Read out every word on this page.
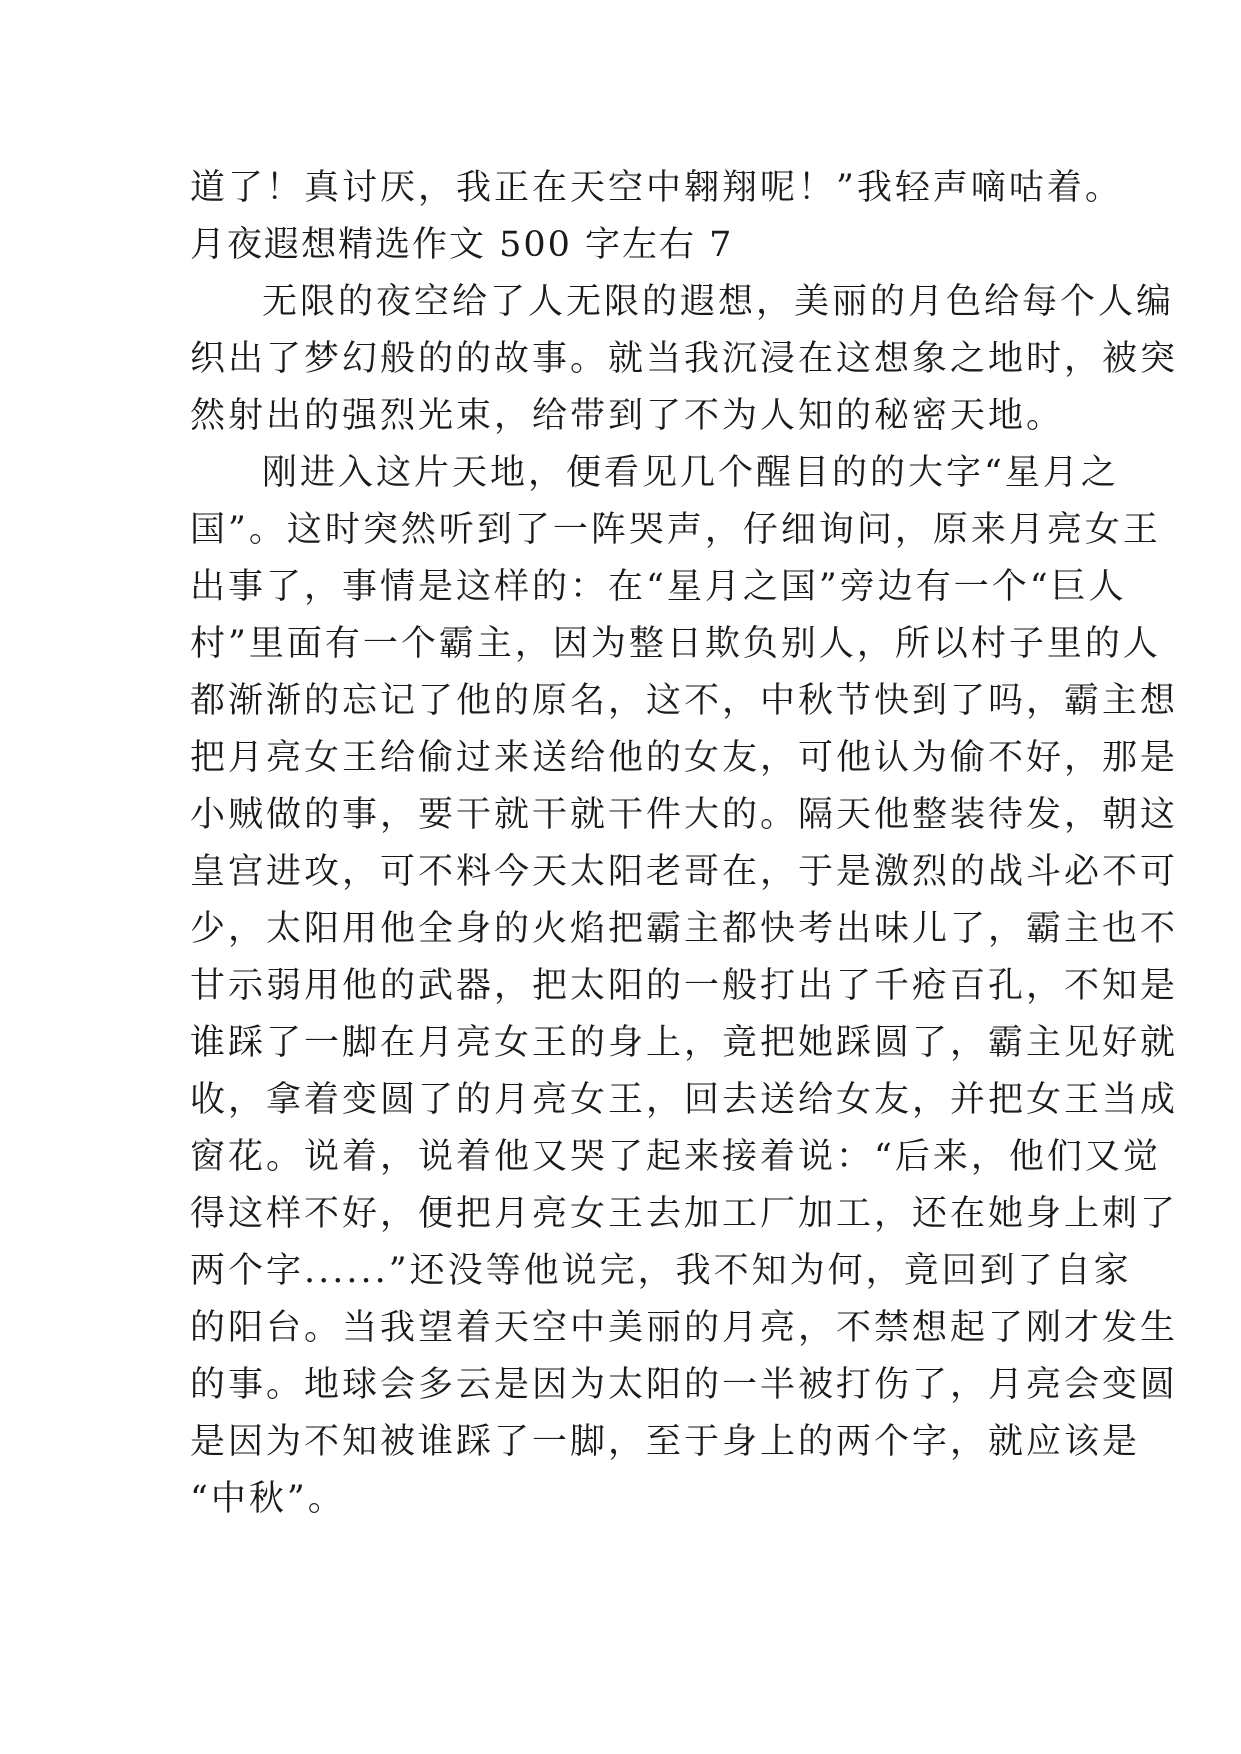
道了！真讨厌，我正在天空中翱翔呢！”我轻声嘀咕着。
月夜遐想精选作文 500 字左右 7
无限的夜空给了人无限的遐想，美丽的月色给每个人编
织出了梦幻般的的故事。就当我沉浸在这想象之地时，被突
然射出的强烈光束，给带到了不为人知的秘密天地。
刚进入这片天地，便看见几个醒目的的大字“星月之
国”。这时突然听到了一阵哭声，仔细询问，原来月亮女王
出事了，事情是这样的：在“星月之国”旁边有一个“巨人
村”里面有一个霸主，因为整日欺负别人，所以村子里的人
都渐渐的忘记了他的原名，这不，中秋节快到了吗，霸主想
把月亮女王给偷过来送给他的女友，可他认为偷不好，那是
小贼做的事，要干就干就干件大的。隔天他整装待发，朝这
皇宫进攻，可不料今天太阳老哥在，于是激烈的战斗必不可
少，太阳用他全身的火焰把霸主都快考出味儿了，霸主也不
甘示弱用他的武器，把太阳的一般打出了千疮百孔，不知是
谁踩了一脚在月亮女王的身上，竟把她踩圆了，霸主见好就
收，拿着变圆了的月亮女王，回去送给女友，并把女王当成
窗花。说着，说着他又哭了起来接着说：“后来，他们又觉
得这样不好，便把月亮女王去加工厂加工，还在她身上刺了
两个字......”还没等他说完，我不知为何，竟回到了自家
的阳台。当我望着天空中美丽的月亮，不禁想起了刚才发生
的事。地球会多云是因为太阳的一半被打伤了，月亮会变圆
是因为不知被谁踩了一脚，至于身上的两个字，就应该是
“中秋”。
